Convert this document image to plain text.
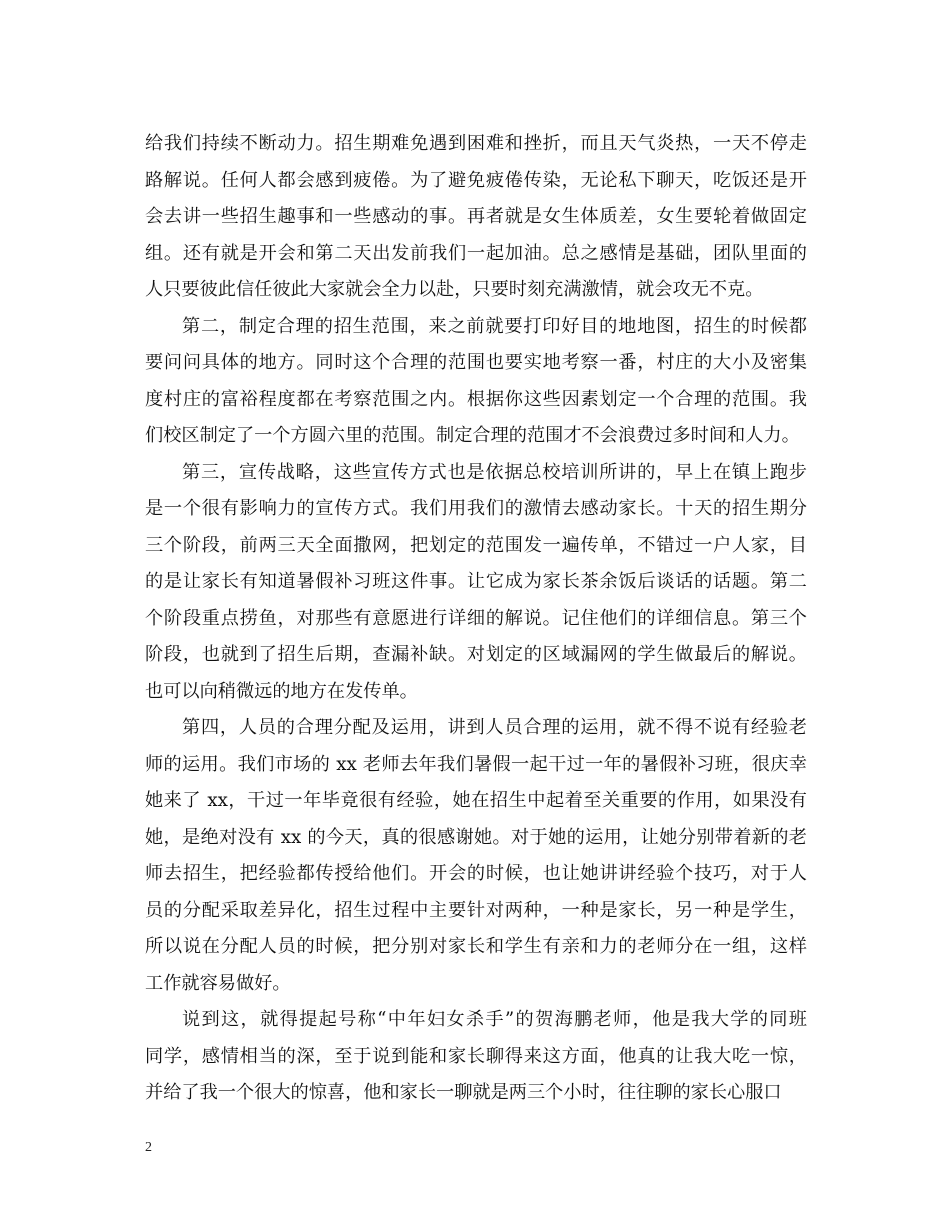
给我们持续不断动力。招生期难免遇到困难和挫折，而且天气炎热，一天不停走
路解说。任何人都会感到疲倦。为了避免疲倦传染，无论私下聊天，吃饭还是开
会去讲一些招生趣事和一些感动的事。再者就是女生体质差，女生要轮着做固定
组。还有就是开会和第二天出发前我们一起加油。总之感情是基础，团队里面的
人只要彼此信任彼此大家就会全力以赴，只要时刻充满激情，就会攻无不克。
第二，制定合理的招生范围，来之前就要打印好目的地地图，招生的时候都
要问问具体的地方。同时这个合理的范围也要实地考察一番，村庄的大小及密集
度村庄的富裕程度都在考察范围之内。根据你这些因素划定一个合理的范围。我
们校区制定了一个方圆六里的范围。制定合理的范围才不会浪费过多时间和人力。
第三，宣传战略，这些宣传方式也是依据总校培训所讲的，早上在镇上跑步
是一个很有影响力的宣传方式。我们用我们的激情去感动家长。十天的招生期分
三个阶段，前两三天全面撒网，把划定的范围发一遍传单，不错过一户人家，目
的是让家长有知道暑假补习班这件事。让它成为家长茶余饭后谈话的话题。第二
个阶段重点捞鱼，对那些有意愿进行详细的解说。记住他们的详细信息。第三个
阶段，也就到了招生后期，查漏补缺。对划定的区域漏网的学生做最后的解说。
也可以向稍微远的地方在发传单。
第四，人员的合理分配及运用，讲到人员合理的运用，就不得不说有经验老
师的运用。我们市场的 xx 老师去年我们暑假一起干过一年的暑假补习班，很庆幸
她来了 xx，干过一年毕竟很有经验，她在招生中起着至关重要的作用，如果没有
她，是绝对没有 xx 的今天，真的很感谢她。对于她的运用，让她分别带着新的老
师去招生，把经验都传授给他们。开会的时候，也让她讲讲经验个技巧，对于人
员的分配采取差异化，招生过程中主要针对两种，一种是家长，另一种是学生，
所以说在分配人员的时候，把分别对家长和学生有亲和力的老师分在一组，这样
工作就容易做好。
说到这，就得提起号称“中年妇女杀手”的贺海鹏老师，他是我大学的同班
同学，感情相当的深，至于说到能和家长聊得来这方面，他真的让我大吃一惊，
并给了我一个很大的惊喜，他和家长一聊就是两三个小时，往往聊的家长心服口
2
